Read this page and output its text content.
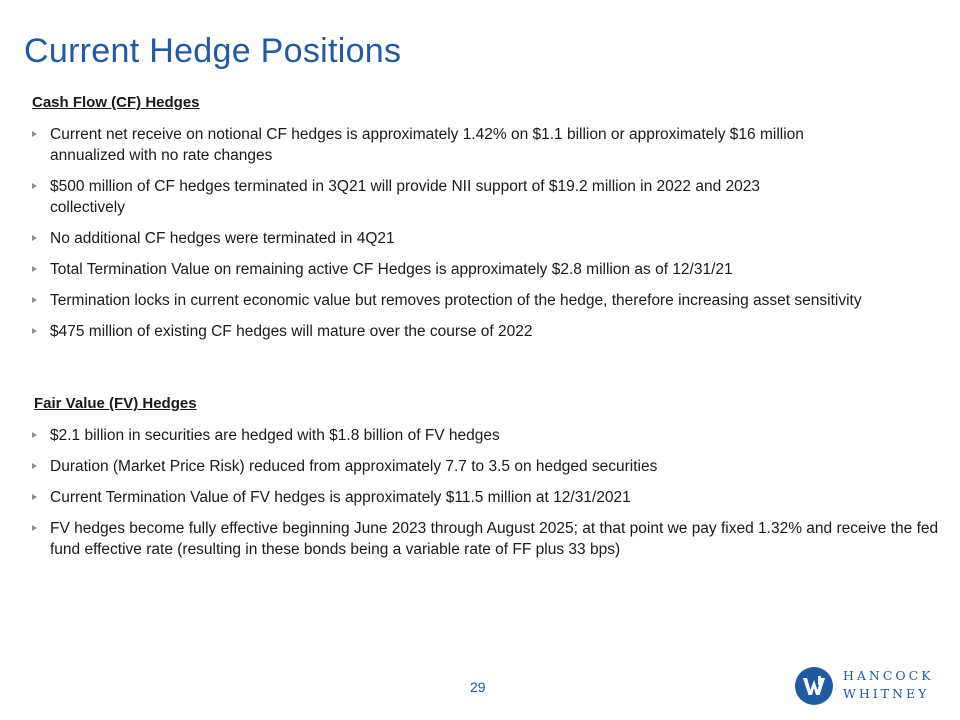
Current Hedge Positions
Cash Flow (CF) Hedges
Current net receive on notional CF hedges is approximately 1.42% on $1.1 billion or approximately $16 million annualized with no rate changes
$500 million of CF hedges terminated in 3Q21 will provide NII support of $19.2 million in 2022 and 2023 collectively
No additional CF hedges were terminated in 4Q21
Total Termination Value on remaining active CF Hedges is approximately $2.8 million as of 12/31/21
Termination locks in current economic value but removes protection of the hedge, therefore increasing asset sensitivity
$475 million of existing CF hedges will mature over the course of 2022
Fair Value (FV) Hedges
$2.1 billion in securities are hedged with $1.8 billion of FV hedges
Duration (Market Price Risk) reduced from approximately 7.7 to 3.5 on hedged securities
Current Termination Value of FV hedges is approximately $11.5 million at 12/31/2021
FV hedges become fully effective beginning June 2023 through August 2025; at that point we pay fixed 1.32% and receive the fed fund effective rate (resulting in these bonds being a variable rate of FF plus 33 bps)
29
HANCOCK
WHITNEY
